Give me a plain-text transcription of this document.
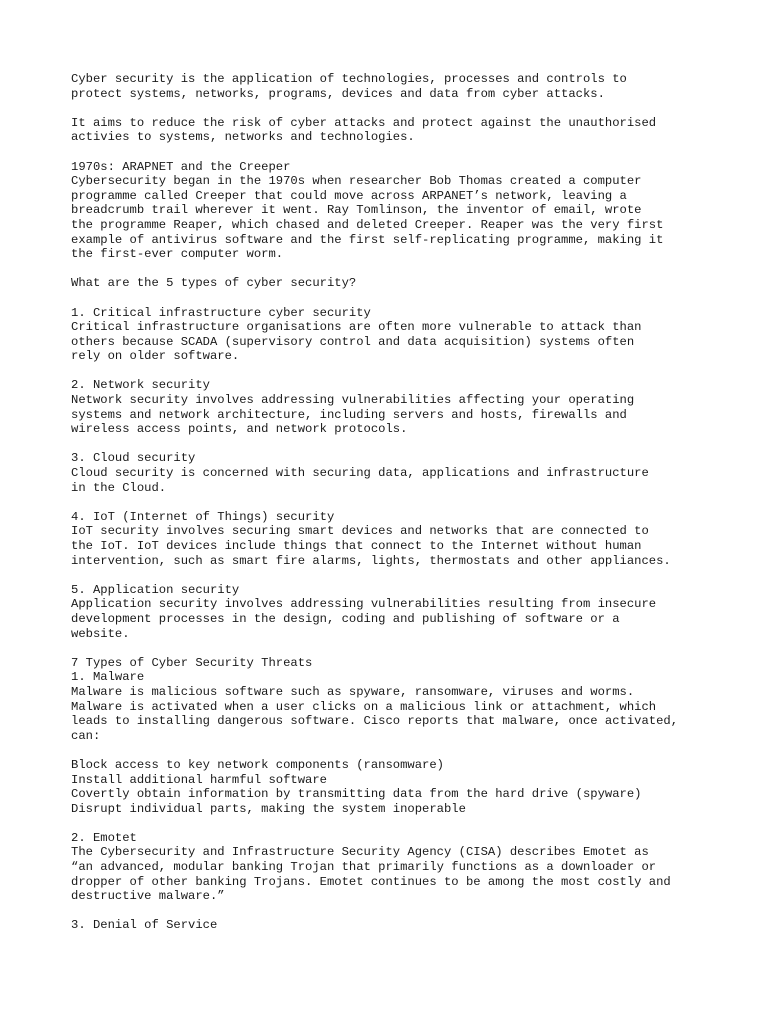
Cyber security is the application of technologies, processes and controls to
protect systems, networks, programs, devices and data from cyber attacks.
It aims to reduce the risk of cyber attacks and protect against the unauthorised
activies to systems, networks and technologies.
1970s: ARAPNET and the Creeper
Cybersecurity began in the 1970s when researcher Bob Thomas created a computer
programme called Creeper that could move across ARPANET’s network, leaving a
breadcrumb trail wherever it went. Ray Tomlinson, the inventor of email, wrote
the programme Reaper, which chased and deleted Creeper. Reaper was the very first
example of antivirus software and the first self-replicating programme, making it
the first-ever computer worm.
What are the 5 types of cyber security?
1. Critical infrastructure cyber security
Critical infrastructure organisations are often more vulnerable to attack than
others because SCADA (supervisory control and data acquisition) systems often
rely on older software.
2. Network security
Network security involves addressing vulnerabilities affecting your operating
systems and network architecture, including servers and hosts, firewalls and
wireless access points, and network protocols.
3. Cloud security
Cloud security is concerned with securing data, applications and infrastructure
in the Cloud.
4. IoT (Internet of Things) security
IoT security involves securing smart devices and networks that are connected to
the IoT. IoT devices include things that connect to the Internet without human
intervention, such as smart fire alarms, lights, thermostats and other appliances.
5. Application security
Application security involves addressing vulnerabilities resulting from insecure
development processes in the design, coding and publishing of software or a
website.
7 Types of Cyber Security Threats
1. Malware
Malware is malicious software such as spyware, ransomware, viruses and worms.
Malware is activated when a user clicks on a malicious link or attachment, which
leads to installing dangerous software. Cisco reports that malware, once activated,
can:
Block access to key network components (ransomware)
Install additional harmful software
Covertly obtain information by transmitting data from the hard drive (spyware)
Disrupt individual parts, making the system inoperable
2. Emotet
The Cybersecurity and Infrastructure Security Agency (CISA) describes Emotet as
“an advanced, modular banking Trojan that primarily functions as a downloader or
dropper of other banking Trojans. Emotet continues to be among the most costly and
destructive malware.”
3. Denial of Service
